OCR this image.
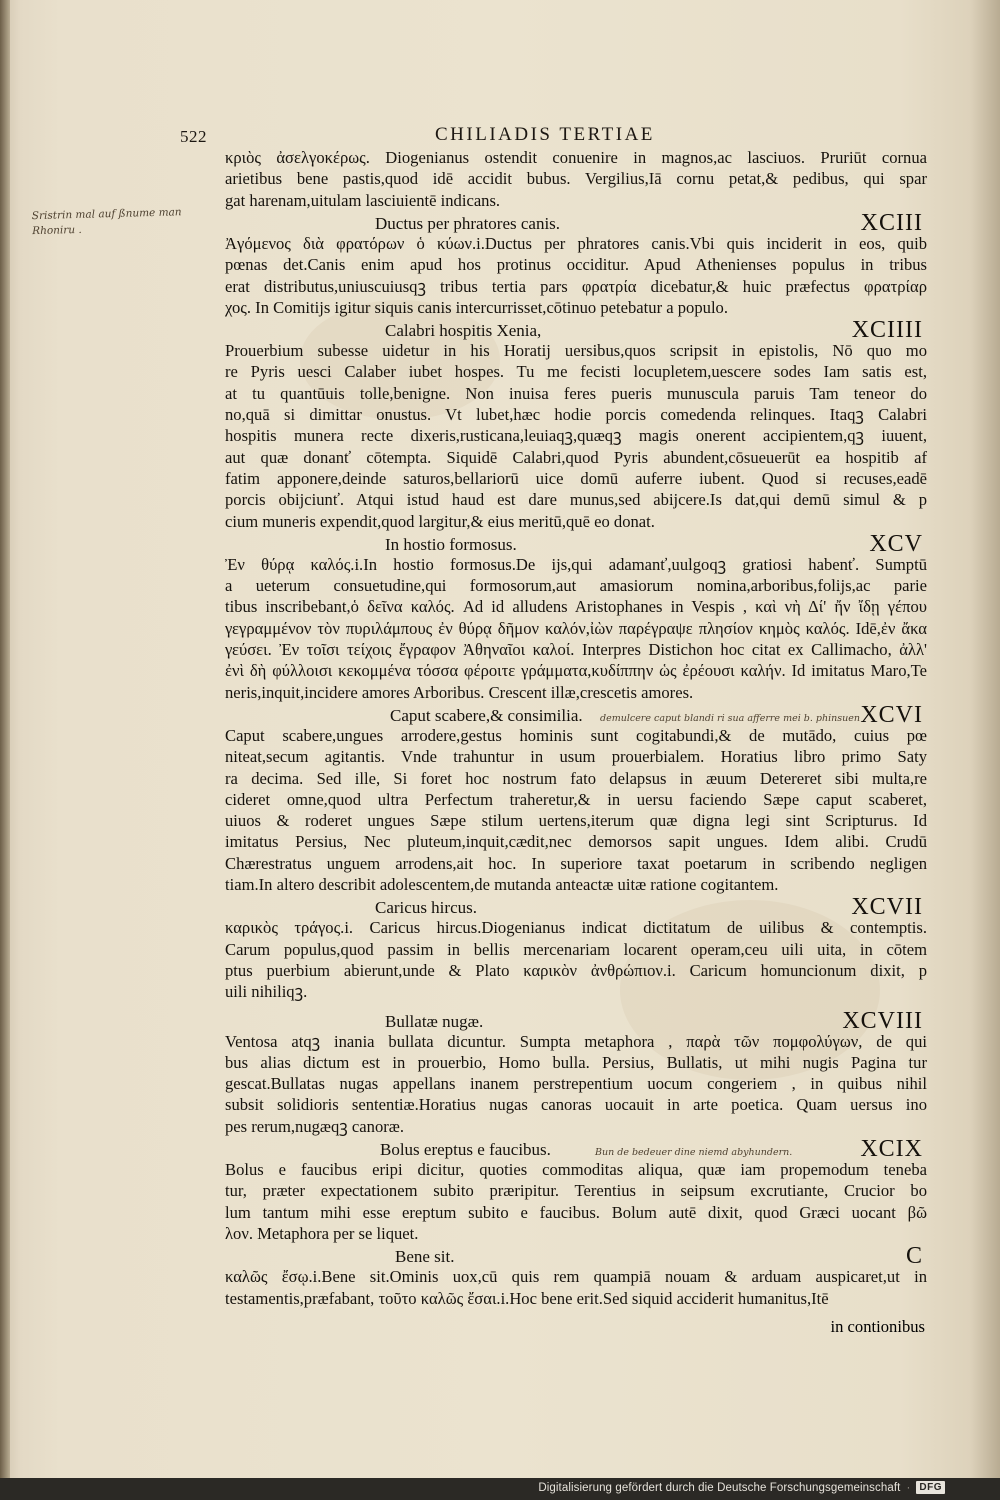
522	CHILIADIS TERTIAE
Sristrin mal auf ßnume man Rhoniru .
κριὸς ἀσελγοκέρως. Diogenianus ostendit conuenire in magnos,ac lasciuos. Pruriūt cornua
arietibus bene pastis,quod idē accidit bubus. Vergilius,Iā cornu petat,& pedibus, qui spar
gat harenam,uitulam lasciuientē indicans.
Ductus per phratores canis.	XCIII
Ἀγόμενος διὰ φρατόρων ὁ κύων.i.Ductus per phratores canis.Vbi quis inciderit in eos, quib
pœnas det.Canis enim apud hos protinus occiditur. Apud Athenienses populus in tribus
erat distributus,uniuscuiusqꝫ tribus tertia pars φρατρία dicebatur,& huic præfectus φρατρίαρ
χος. In Comitijs igitur siquis canis intercurrisset,cōtinuo petebatur a populo.
Calabri hospitis Xenia,	XCIIII
Prouerbium subesse uidetur in his Horatij uersibus,quos scripsit in epistolis, Nō quo mo
re Pyris uesci Calaber iubet hospes. Tu me fecisti locupletem,uescere sodes Iam satis est,
at tu quantūuis tolle,benigne. Non inuisa feres pueris munuscula paruis Tam teneor do
no,quā si dimittar onustus. Vt lubet,hæc hodie porcis comedenda relinques. Itaqꝫ Calabri
hospitis munera recte dixeris,rusticana,leuiaqꝫ,quæqꝫ magis onerent accipientem,qꝫ iuuent,
aut quæ donanť cōtempta. Siquidē Calabri,quod Pyris abundent,cōsueuerūt ea hospitib af
fatim apponere,deinde saturos,bellariorū uice domū auferre iubent. Quod si recuses,eadē
porcis obijciunť. Atqui istud haud est dare munus,sed abijcere.Is dat,qui demū simul & p
cium muneris expendit,quod largitur,& eius meritū,quē eo donat.
In hostio formosus.	XCV
Ἐν θύρᾳ καλός.i.In hostio formosus.De ijs,qui adamanť,uulgoqꝫ gratiosi habenť. Sumptū
a ueterum consuetudine,qui formosorum,aut amasiorum nomina,arboribus,folijs,ac parie
tibus inscribebant,ὁ δεῖνα καλός. Ad id alludens Aristophanes in Vespis , καὶ νὴ Δί' ἤν ἴδῃ γέπου
γεγραμμένον τὸν πυριλάμπους ἐν θύρᾳ δῆμον καλόν,ἰὼν παρέγραψε πλησίον κημὸς καλός. Idē,ἐν ἄκα
γεύσει. Ἐν τοῖσι τείχοις ἔγραφον Ἀθηναῖοι καλοί. Interpres Distichon hoc citat ex Callimacho, ἀλλ'
ἐνὶ δὴ φύλλοισι κεκομμένα τόσσα φέροιτε γράμματα,κυδίππην ὡς ἐρέουσι καλήν. Id imitatus Maro,Te
neris,inquit,incidere amores Arboribus. Crescent illæ,crescetis amores.
Caput scabere,& consimilia. demulcere caput blandi ri sua afferre mei b. phinsuen XCVI
Caput scabere,ungues arrodere,gestus hominis sunt cogitabundi,& de mutādo, cuius pœ
niteat,secum agitantis. Vnde trahuntur in usum prouerbialem. Horatius libro primo Saty
ra decima. Sed ille, Si foret hoc nostrum fato delapsus in æuum Detereret sibi multa,re
cideret omne,quod ultra Perfectum traheretur,& in uersu faciendo Sæpe caput scaberet,
uiuos & roderet ungues Sæpe stilum uertens,iterum quæ digna legi sint Scripturus. Id
imitatus Persius, Nec pluteum,inquit,cædit,nec demorsos sapit ungues. Idem alibi. Crudū
Chærestratus unguem arrodens,ait hoc. In superiore taxat poetarum in scribendo negligen
tiam.In altero describit adolescentem,de mutanda anteactæ uitæ ratione cogitantem.
Caricus hircus.	XCVII
καρικὸς τράγος.i. Caricus hircus.Diogenianus indicat dictitatum de uilibus & contemptis.
Carum populus,quod passim in bellis mercenariam locarent operam,ceu uili uita, in cōtem
ptus puerbium abierunt,unde & Plato καρικὸν ἀνθρώπιον.i. Caricum homuncionum dixit, p
uili nihiliqꝫ.
Bullatæ nugæ.	XCVIII
Ventosa atqꝫ inania bullata dicuntur. Sumpta metaphora , παρὰ τῶν πομφολύγων, de qui
bus alias dictum est in prouerbio, Homo bulla. Persius, Bullatis, ut mihi nugis Pagina tur
gescat.Bullatas nugas appellans inanem perstrepentium uocum congeriem , in quibus nihil
subsit solidioris sententiæ.Horatius nugas canoras uocauit in arte poetica. Quam uersus ino
pes rerum,nugæqꝫ canoræ.
Bolus ereptus e faucibus.	Bun de bedeuer dine niemd abyhundern.	XCIX
Bolus e faucibus eripi dicitur, quoties commoditas aliqua, quæ iam propemodum teneba
tur, præter expectationem subito præripitur. Terentius in seipsum excrutiante, Crucior bo
lum tantum mihi esse ereptum subito e faucibus. Bolum autē dixit, quod Græci uocant βῶ
λον. Metaphora per se liquet.
Bene sit.	C
καλῶς ἔσῳ.i.Bene sit.Ominis uox,cū quis rem quampiā nouam & arduam auspicaret,ut in
testamentis,præfabant, τοῦτο καλῶς ἔσαι.i.Hoc bene erit.Sed siquid acciderit humanitus,Itē
in contionibus
Digitalisierung gefördert durch die Deutsche Forschungsgemeinschaft · DFG
